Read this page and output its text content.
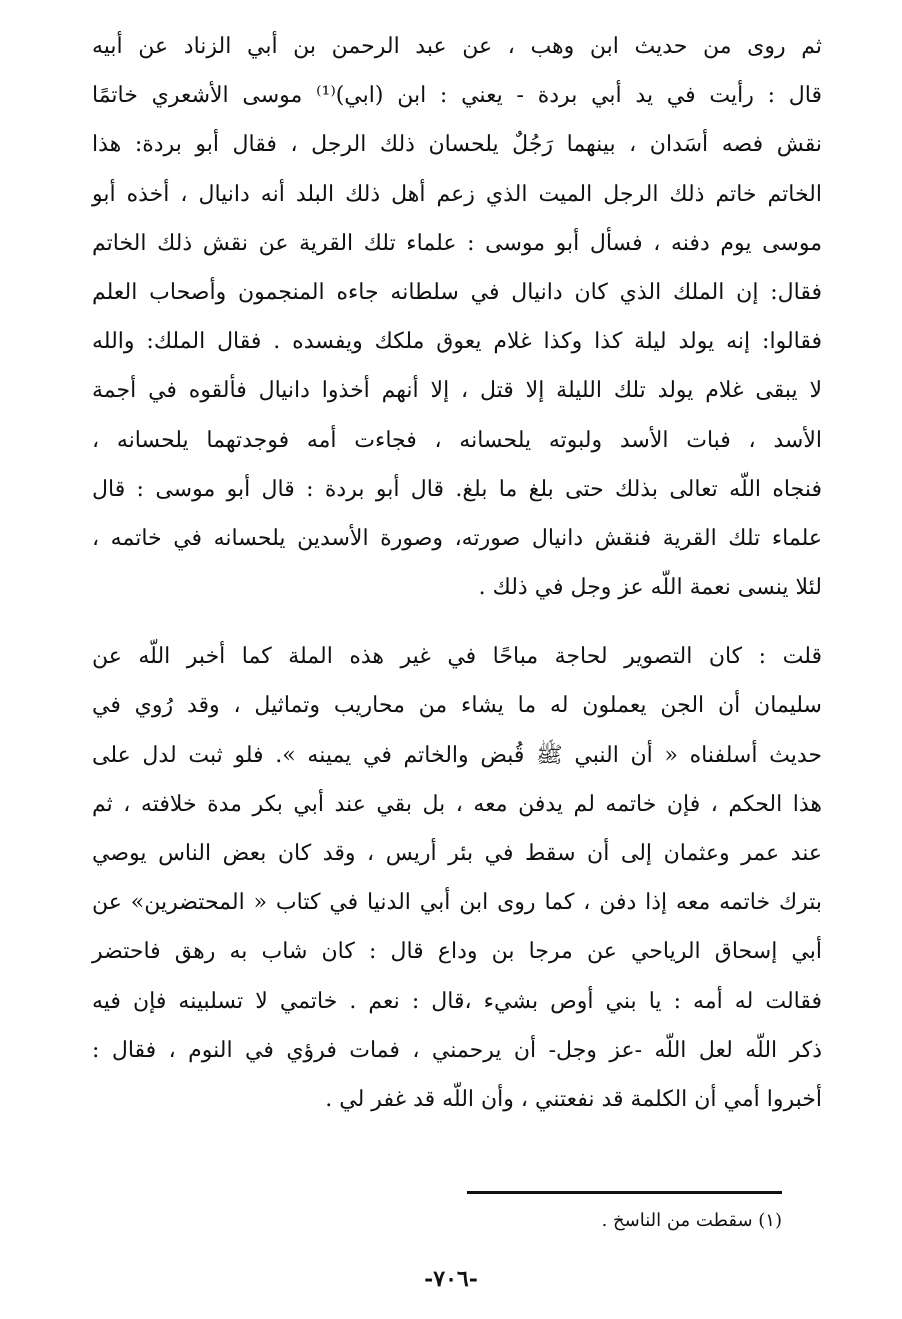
ثم روى من حديث ابن وهب ، عن عبد الرحمن بن أبي الزناد عن أبيه
قال : رأيت في يد أبي بردة - يعني : ابن (ابي)⁽¹⁾ موسى الأشعري خاتمًا
نقش فصه أسَدان ، بينهما رَجُلٌ يلحسان ذلك الرجل ، فقال أبو بردة: هذا
الخاتم خاتم ذلك الرجل الميت الذي زعم أهل ذلك البلد أنه دانيال ، أخذه أبو
موسى يوم دفنه ، فسأل أبو موسى : علماء تلك القرية عن نقش ذلك الخاتم
فقال: إن الملك الذي كان دانيال في سلطانه جاءه المنجمون وأصحاب العلم
فقالوا: إنه يولد ليلة كذا وكذا غلام يعوق ملكك ويفسده . فقال الملك: والله
لا يبقى غلام يولد تلك الليلة إلا قتل ، إلا أنهم أخذوا دانيال فألقوه في أجمة
الأسد ، فبات الأسد ولبوته يلحسانه ، فجاءت أمه فوجدتهما يلحسانه ،
فنجاه اللّه تعالى بذلك حتى بلغ ما بلغ. قال أبو بردة : قال أبو موسى : قال
علماء تلك القرية فنقش دانيال صورته، وصورة الأسدين يلحسانه في خاتمه ،
لئلا ينسى نعمة اللّه عز وجل في ذلك .
قلت : كان التصوير لحاجة مباحًا في غير هذه الملة كما أخبر اللّه عن
سليمان أن الجن يعملون له ما يشاء من محاريب وتماثيل ، وقد رُوي في
حديث أسلفناه « أن النبي ﷺ قُبض والخاتم في يمينه ». فلو ثبت لدل على
هذا الحكم ، فإن خاتمه لم يدفن معه ، بل بقي عند أبي بكر مدة خلافته ، ثم
عند عمر وعثمان إلى أن سقط في بئر أريس ، وقد كان بعض الناس يوصي
بترك خاتمه معه إذا دفن ، كما روى ابن أبي الدنيا في كتاب « المحتضرين» عن
أبي إسحاق الرياحي عن مرجا بن وداع قال : كان شاب به رهق فاحتضر
فقالت له أمه : يا بني أوص بشيء ،قال : نعم . خاتمي لا تسلبينه فإن فيه
ذكر اللّه لعل اللّه -عز وجل- أن يرحمني ، فمات فرؤي في النوم ، فقال :
أخبروا أمي أن الكلمة قد نفعتني ، وأن اللّه قد غفر لي .
(١) سقطت من الناسخ .
-٧٠٦-
